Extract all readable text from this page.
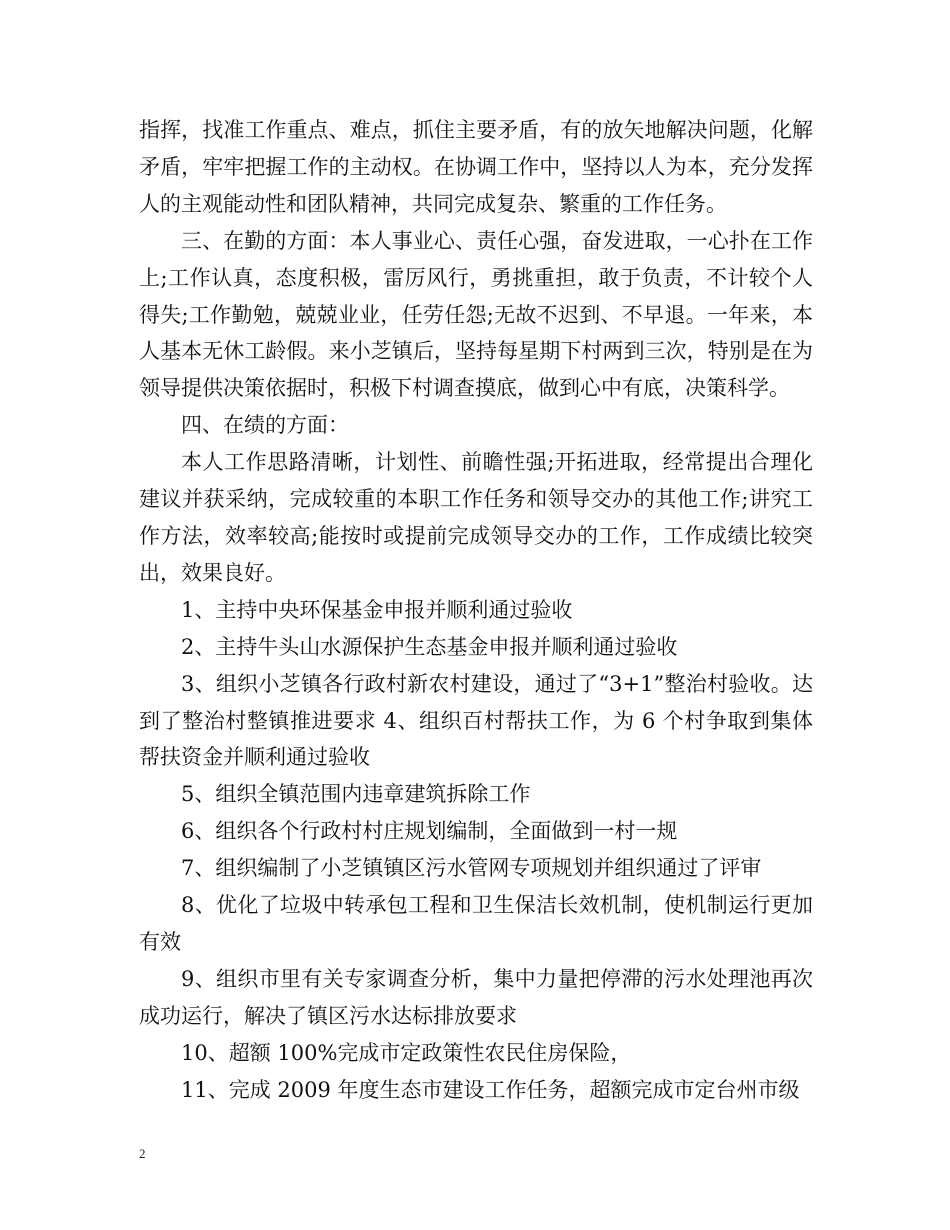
指挥，找准工作重点、难点，抓住主要矛盾，有的放矢地解决问题，化解矛盾，牢牢把握工作的主动权。在协调工作中，坚持以人为本，充分发挥人的主观能动性和团队精神，共同完成复杂、繁重的工作任务。

三、在勤的方面：本人事业心、责任心强，奋发进取，一心扑在工作上;工作认真，态度积极，雷厉风行，勇挑重担，敢于负责，不计较个人得失;工作勤勉，兢兢业业，任劳任怨;无故不迟到、不早退。一年来，本人基本无休工龄假。来小芝镇后，坚持每星期下村两到三次，特别是在为领导提供决策依据时，积极下村调查摸底，做到心中有底，决策科学。

四、在绩的方面：

本人工作思路清晰，计划性、前瞻性强;开拓进取，经常提出合理化建议并获采纳，完成较重的本职工作任务和领导交办的其他工作;讲究工作方法，效率较高;能按时或提前完成领导交办的工作，工作成绩比较突出，效果良好。

1、主持中央环保基金申报并顺利通过验收

2、主持牛头山水源保护生态基金申报并顺利通过验收

3、组织小芝镇各行政村新农村建设，通过了“3+1”整治村验收。达到了整治村整镇推进要求 4、组织百村帮扶工作，为 6 个村争取到集体帮扶资金并顺利通过验收

5、组织全镇范围内违章建筑拆除工作

6、组织各个行政村村庄规划编制，全面做到一村一规

7、组织编制了小芝镇镇区污水管网专项规划并组织通过了评审

8、优化了垃圾中转承包工程和卫生保洁长效机制，使机制运行更加有效

9、组织市里有关专家调查分析，集中力量把停滞的污水处理池再次成功运行，解决了镇区污水达标排放要求

10、超额 100%完成市定政策性农民住房保险，

11、完成 2009 年度生态市建设工作任务，超额完成市定台州市级

2
